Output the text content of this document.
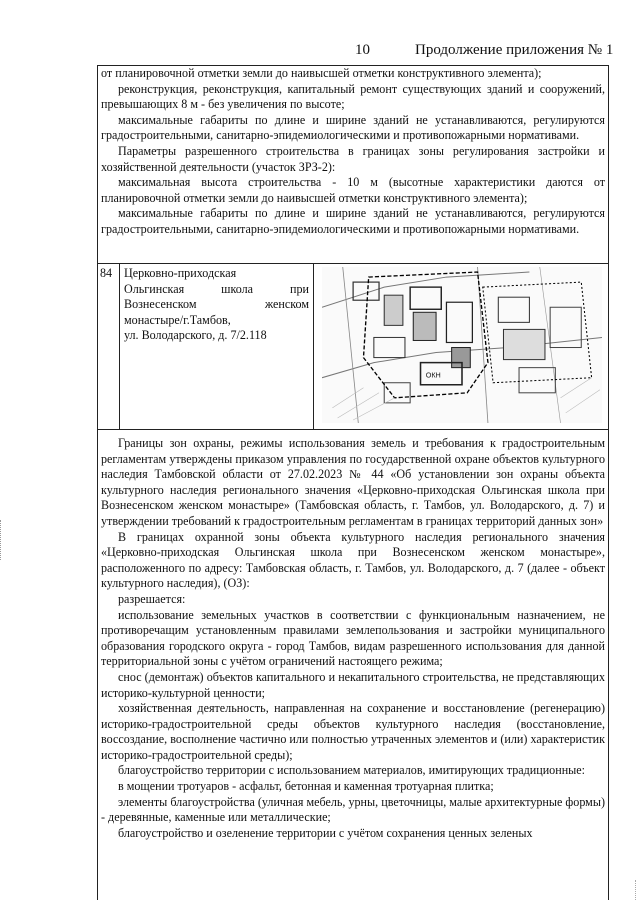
10	Продолжение приложения № 1

от планировочной отметки земли до наивысшей отметки конструктивного элемента);

реконструкция, реконструкция, капитальный ремонт существующих зданий и сооружений, превышающих 8 м - без увеличения по высоте;

максимальные габариты по длине и ширине зданий не устанавливаются, регулируются градостроительными, санитарно-эпидемиологическими и противопожарными нормативами.

Параметры разрешенного строительства в границах зоны регулирования застройки и хозяйственной деятельности (участок ЗРЗ-2):

максимальная высота строительства - 10 м (высотные характеристики даются от планировочной отметки земли до наивысшей отметки конструктивного элемента);

максимальные габариты по длине и ширине зданий не устанавливаются, регулируются градостроительными, санитарно-эпидемиологическими и противопожарными нормативами.

84 Церковно-приходская
Ольгинская школа при
Вознесенском женском
монастыре/г.Тамбов,
ул. Володарского, д. 7/2.118
ОКН

Границы зон охраны, режимы использования земель и требования к градостроительным регламентам утверждены приказом управления по государственной охране объектов культурного наследия Тамбовской области от 27.02.2023 № 44 «Об установлении зон охраны объекта культурного наследия регионального значения «Церковно-приходская Ольгинская школа при Вознесенском женском монастыре» (Тамбовская область, г. Тамбов, ул. Володарского, д. 7) и утверждении требований к градостроительным регламентам в границах территорий данных зон»

В границах охранной зоны объекта культурного наследия регионального значения «Церковно-приходская Ольгинская школа при Вознесенском женском монастыре», расположенного по адресу: Тамбовская область, г. Тамбов, ул. Володарского, д. 7 (далее - объект культурного наследия), (ОЗ):

разрешается:

использование земельных участков в соответствии с функциональным назначением, не противоречащим установленным правилами землепользования и застройки муниципального образования городского округа - город Тамбов, видам разрешенного использования для данной территориальной зоны с учётом ограничений настоящего режима;

снос (демонтаж) объектов капитального и некапитального строительства, не представляющих историко-культурной ценности;

хозяйственная деятельность, направленная на сохранение и восстановление (регенерацию) историко-градостроительной среды объектов культурного наследия (восстановление, воссоздание, восполнение частично или полностью утраченных элементов и (или) характеристик историко-градостроительной среды);

благоустройство территории с использованием материалов, имитирующих традиционные:

в мощении тротуаров - асфальт, бетонная и каменная тротуарная плитка;

элементы благоустройства (уличная мебель, урны, цветочницы, малые архитектурные формы) - деревянные, каменные или металлические;

благоустройство и озеленение территории с учётом сохранения ценных зеленых
